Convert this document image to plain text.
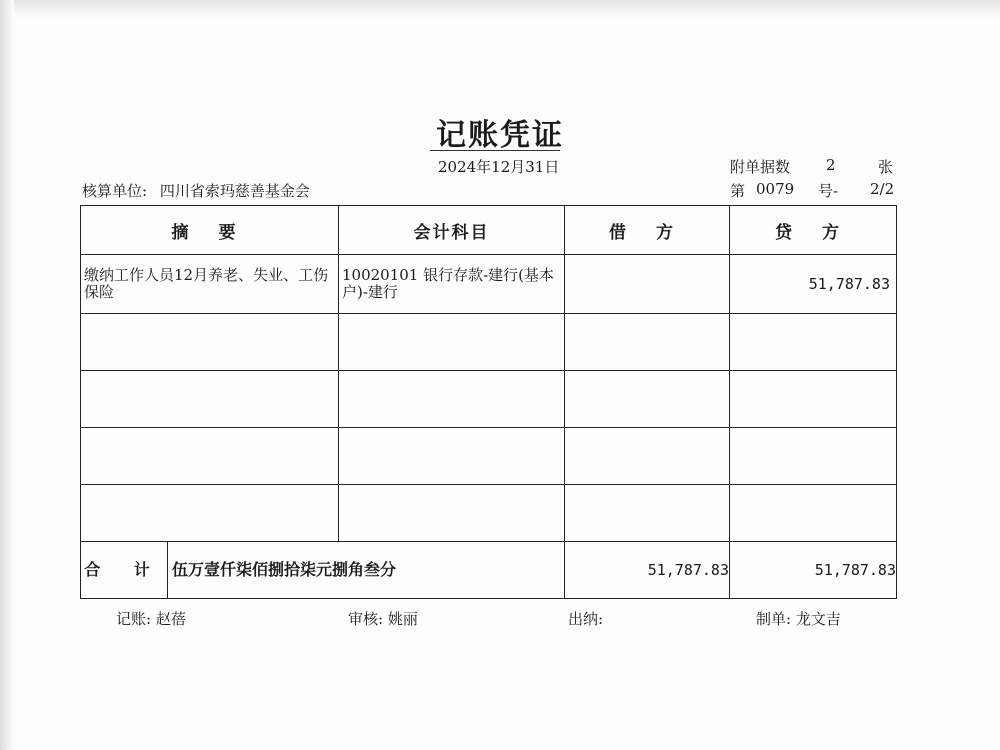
记账凭证
2024年12月31日	附单据数 2	张
核算单位: 四川省索玛慈善基金会	第 0079 号- 2/2
摘 要	会计科目	借 方	贷 方

缴纳工作人员12月养老、失业、工伤保险	10020101 银行存款-建行(基本户)-建行		51,787.83

合 计 伍万壹仟柒佰捌拾柒元捌角叁分		51,787.83	51,787.83
记账: 赵蓓	审核: 姚丽	出纳:	制单: 龙文吉
